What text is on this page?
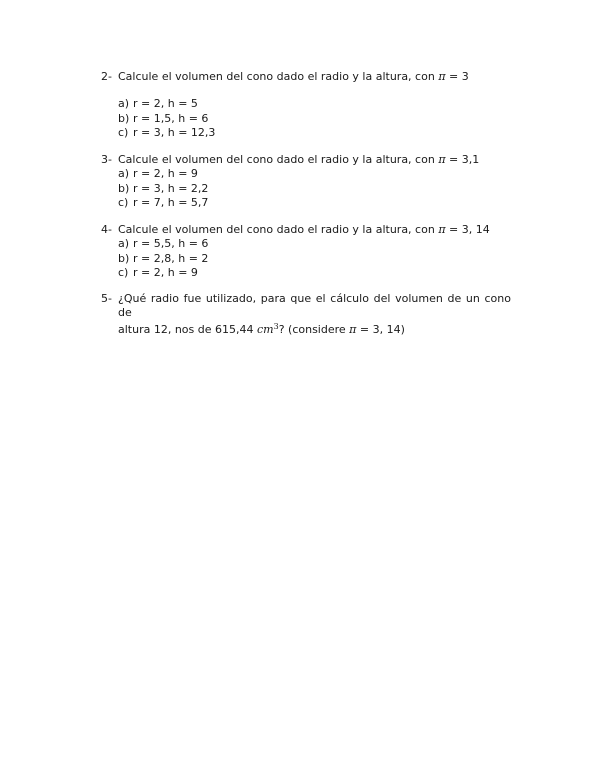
2- Calcule el volumen del cono dado el radio y la altura, con π = 3
a) r = 2, h = 5
b) r = 1,5, h = 6
c) r = 3, h = 12,3
3- Calcule el volumen del cono dado el radio y la altura, con π = 3,1
a) r = 2, h = 9
b) r = 3, h = 2,2
c) r = 7, h = 5,7
4- Calcule el volumen del cono dado el radio y la altura, con π = 3, 14
a) r = 5,5, h = 6
b) r = 2,8, h = 2
c) r = 2, h = 9
5- ¿Qué radio fue utilizado, para que el cálculo del volumen de un cono de
altura 12, nos de 615,44 $cm^3$? (considere π = 3, 14)
